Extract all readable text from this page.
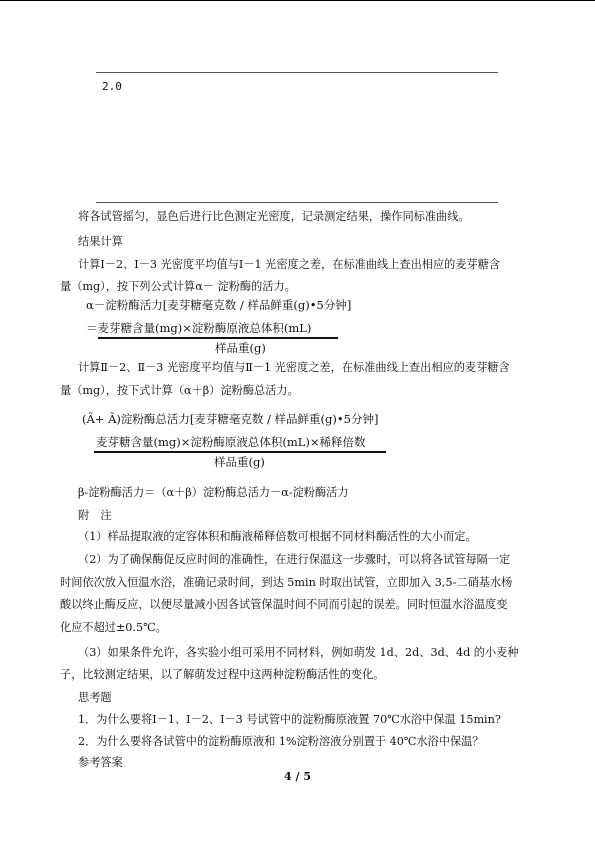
2.0
将各试管摇匀，显色后进行比色测定光密度，记录测定结果，操作同标准曲线。
结果计算
计算Ⅰ－2、Ⅰ－3 光密度平均值与Ⅰ－1 光密度之差，在标准曲线上查出相应的麦芽糖含
量（mg），按下列公式计算α－ 淀粉酶的活力。
α－淀粉酶活力[麦芽糖毫克数 / 样品鲜重(g)•5分钟]
＝麦芽糖含量(mg)×淀粉酶原液总体积(mL)
样品重(g)
计算Ⅱ－2、Ⅱ－3 光密度平均值与Ⅱ－1 光密度之差，在标准曲线上查出相应的麦芽糖含
量（mg），按下式计算（α＋β）淀粉酶总活力。
(Ã+ Ã)淀粉酶总活力[麦芽糖毫克数 / 样品鲜重(g)•5分钟]
麦芽糖含量(mg)×淀粉酶原液总体积(mL)×稀释倍数
样品重(g)
β-淀粉酶活力＝（α＋β）淀粉酶总活力－α-淀粉酶活力
附　注
（1）样品提取液的定容体积和酶液稀释倍数可根据不同材料酶活性的大小而定。
（2）为了确保酶促反应时间的准确性，在进行保温这一步骤时，可以将各试管每隔一定
时间依次放入恒温水浴，准确记录时间，到达 5min 时取出试管，立即加入 3,5-二硝基水杨
酸以终止酶反应，以便尽量减小因各试管保温时间不同而引起的误差。同时恒温水浴温度变
化应不超过±0.5℃。
（3）如果条件允许，各实验小组可采用不同材料，例如萌发 1d、2d、3d、4d 的小麦种
子，比较测定结果，以了解萌发过程中这两种淀粉酶活性的变化。
思考题
1．为什么要将Ⅰ－1、Ⅰ－2、Ⅰ－3 号试管中的淀粉酶原液置 70℃水浴中保温 15min?
2．为什么要将各试管中的淀粉酶原液和 1%淀粉溶液分别置于 40℃水浴中保温？
参考答案
4 / 5
